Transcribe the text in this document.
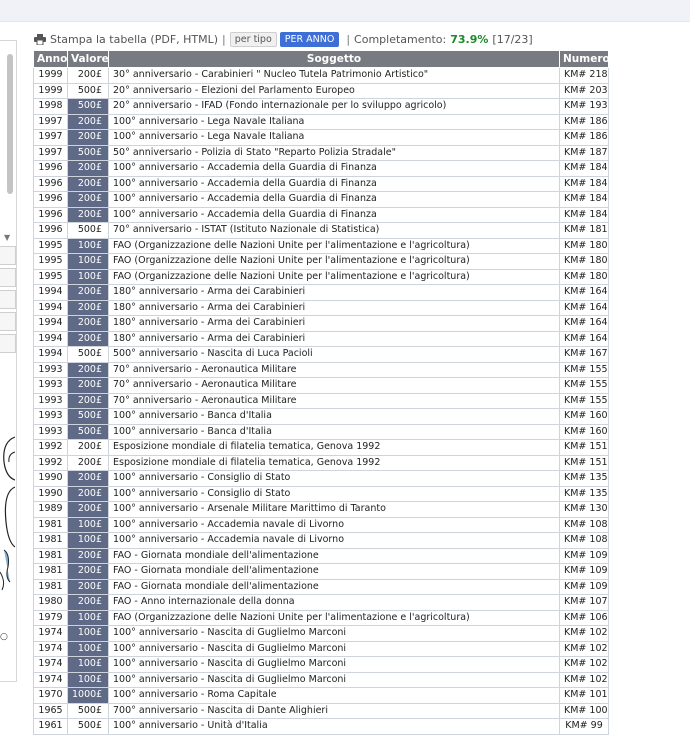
▼
○
Stampa la tabella (PDF, HTML) | per tipo	PER ANNO	| Completamento: 73.9% [17/23]
Anno	Valore	Soggetto	Numero
1999	200£	30° anniversario - Carabinieri " Nucleo Tutela Patrimonio Artistico"	KM# 218
1999	500£	20° anniversario - Elezioni del Parlamento Europeo	KM# 203
1998	500£	20° anniversario - IFAD (Fondo internazionale per lo sviluppo agricolo)	KM# 193
1997	200£	100° anniversario - Lega Navale Italiana	KM# 186
1997	200£	100° anniversario - Lega Navale Italiana	KM# 186
1997	500£	50° anniversario - Polizia di Stato "Reparto Polizia Stradale"	KM# 187
1996	200£	100° anniversario - Accademia della Guardia di Finanza	KM# 184
1996	200£	100° anniversario - Accademia della Guardia di Finanza	KM# 184
1996	200£	100° anniversario - Accademia della Guardia di Finanza	KM# 184
1996	200£	100° anniversario - Accademia della Guardia di Finanza	KM# 184
1996	500£	70° anniversario - ISTAT (Istituto Nazionale di Statistica)	KM# 181
1995	100£	FAO (Organizzazione delle Nazioni Unite per l'alimentazione e l'agricoltura)	KM# 180
1995	100£	FAO (Organizzazione delle Nazioni Unite per l'alimentazione e l'agricoltura)	KM# 180
1995	100£	FAO (Organizzazione delle Nazioni Unite per l'alimentazione e l'agricoltura)	KM# 180
1994	200£	180° anniversario - Arma dei Carabinieri	KM# 164
1994	200£	180° anniversario - Arma dei Carabinieri	KM# 164
1994	200£	180° anniversario - Arma dei Carabinieri	KM# 164
1994	200£	180° anniversario - Arma dei Carabinieri	KM# 164
1994	500£	500° anniversario - Nascita di Luca Pacioli	KM# 167
1993	200£	70° anniversario - Aeronautica Militare	KM# 155
1993	200£	70° anniversario - Aeronautica Militare	KM# 155
1993	200£	70° anniversario - Aeronautica Militare	KM# 155
1993	500£	100° anniversario - Banca d'Italia	KM# 160
1993	500£	100° anniversario - Banca d'Italia	KM# 160
1992	200£	Esposizione mondiale di filatelia tematica, Genova 1992	KM# 151
1992	200£	Esposizione mondiale di filatelia tematica, Genova 1992	KM# 151
1990	200£	100° anniversario - Consiglio di Stato	KM# 135
1990	200£	100° anniversario - Consiglio di Stato	KM# 135
1989	200£	100° anniversario - Arsenale Militare Marittimo di Taranto	KM# 130
1981	100£	100° anniversario - Accademia navale di Livorno	KM# 108
1981	100£	100° anniversario - Accademia navale di Livorno	KM# 108
1981	200£	FAO - Giornata mondiale dell'alimentazione	KM# 109
1981	200£	FAO - Giornata mondiale dell'alimentazione	KM# 109
1981	200£	FAO - Giornata mondiale dell'alimentazione	KM# 109
1980	200£	FAO - Anno internazionale della donna	KM# 107
1979	100£	FAO (Organizzazione delle Nazioni Unite per l'alimentazione e l'agricoltura)	KM# 106
1974	100£	100° anniversario - Nascita di Guglielmo Marconi	KM# 102
1974	100£	100° anniversario - Nascita di Guglielmo Marconi	KM# 102
1974	100£	100° anniversario - Nascita di Guglielmo Marconi	KM# 102
1974	100£	100° anniversario - Nascita di Guglielmo Marconi	KM# 102
1970	1000£	100° anniversario - Roma Capitale	KM# 101
1965	500£	700° anniversario - Nascita di Dante Alighieri	KM# 100
1961	500£	100° anniversario - Unità d'Italia	KM# 99
